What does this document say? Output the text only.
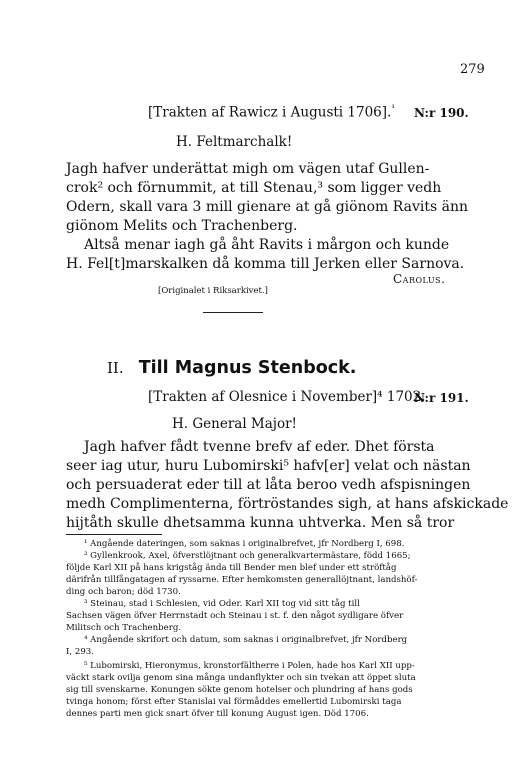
279
[Trakten af Rawicz i Augusti 1706].$^{^1}$ N:r 190.
H. Feltmarchalk!
Jagh hafver underättat migh om vägen utaf Gullen-
crok² och förnummit, at till Stenau,³ som ligger vedh
Odern, skall vara 3 mill gienare at gå giönom Ravits änn
giönom Melits och Trachenberg.
Altså menar iagh gå åht Ravits i mårgon och kunde
H. Fel[t]marskalken då komma till Jerken eller Sarnova.
Carolus.
[Originalet i Riksarkivet.]
II. Till Magnus Stenbock.
[Trakten af Olesnice i November]⁴ 1702.
N:r 191.
H. General Major!
Jagh hafver fådt tvenne brefv af eder. Dhet första
seer iag utur, huru Lubomirski⁵ hafv[er] velat och nästan
och persuaderat eder till at låta beroo vedh afspisningen
medh Complimenterna, förtröstandes sigh, at hans afskickade
hijtåth skulle dhetsamma kunna uhtverka. Men så tror
¹ Angående dateringen, som saknas i originalbrefvet, jfr Nordberg I, 698.
² Gyllenkrook, Axel, öfverstlöjtnant och generalkvartermästare, född 1665;
följde Karl XII på hans krigståg ända till Bender men blef under ett ströftåg
därifrån tillfångatagen af ryssarne. Efter hemkomsten generallöjtnant, landshöf-
ding och baron; död 1730.
³ Steinau, stad i Schlesien, vid Oder. Karl XII tog vid sitt tåg till
Sachsen vägen öfver Herrnstadt och Steinau i st. f. den något sydligare öfver
Militsch och Trachenberg.
⁴ Angående skrifort och datum, som saknas i originalbrefvet, jfr Nordberg
I, 293.
⁵ Lubomirski, Hieronymus, kronstorfältherre i Polen, hade hos Karl XII upp-
väckt stark ovilja genom sina många undanflykter och sin tvekan att öppet sluta
sig till svenskarne. Konungen sökte genom hotelser och plundring af hans gods
tvinga honom; först efter Stanislai val förmåddes emellertid Lubomirski taga
dennes parti men gick snart öfver till konung August igen. Död 1706.
